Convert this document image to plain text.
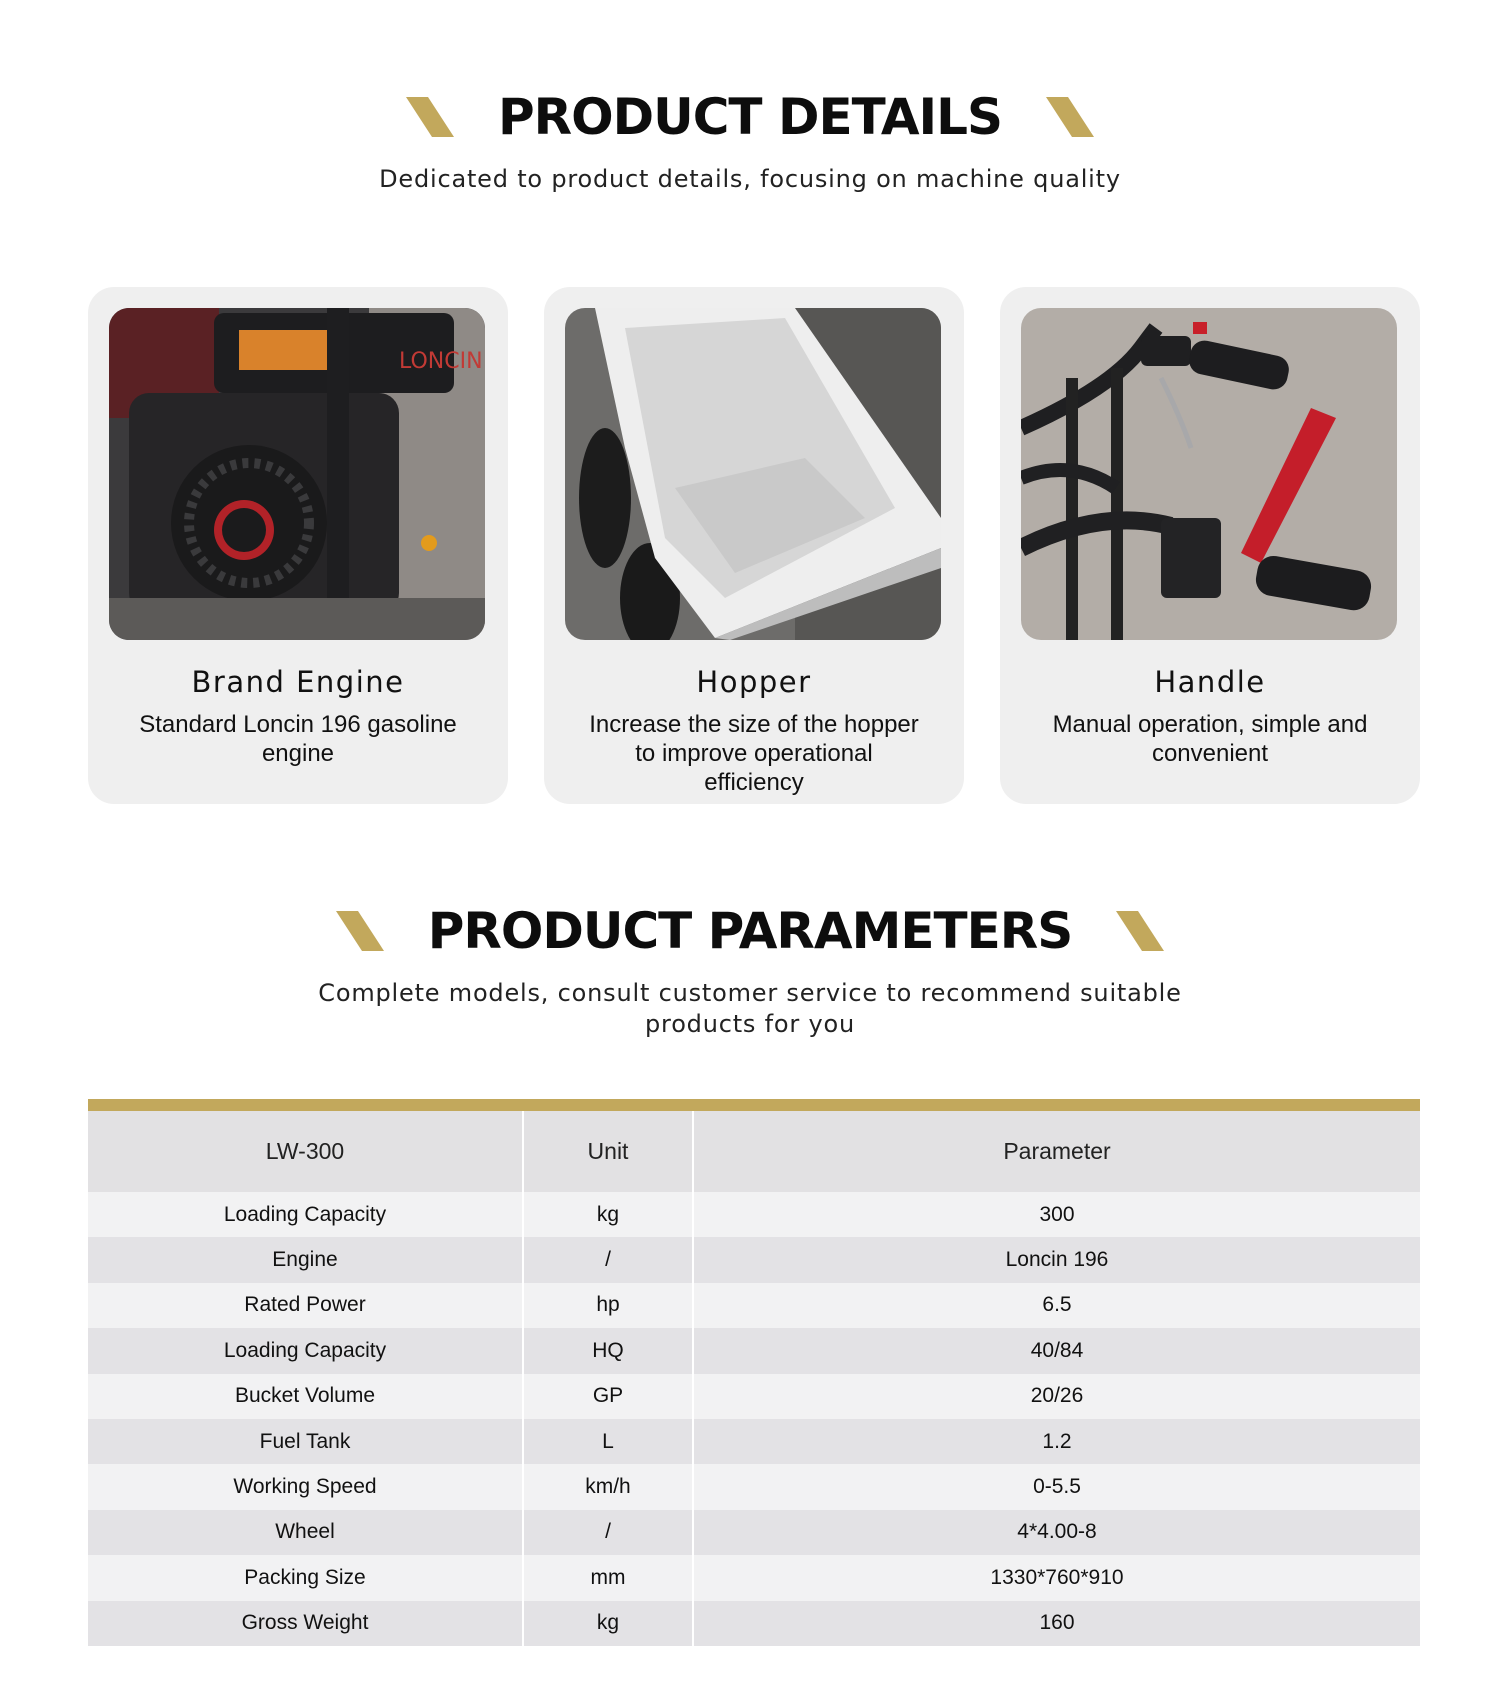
PRODUCT DETAILS

Dedicated to product details, focusing on machine quality

LONCIN
Brand Engine
Standard Loncin 196 gasoline engine
Hopper
Increase the size of the hopper to improve operational efficiency
Handle
Manual operation, simple and convenient
PRODUCT PARAMETERS

Complete models, consult customer service to recommend suitable products for you

LW-300	Unit	Parameter
Loading Capacity	kg	300
Engine	/	Loncin 196
Rated Power	hp	6.5
Loading Capacity	HQ	40/84
Bucket Volume	GP	20/26
Fuel Tank	L	1.2
Working Speed	km/h	0-5.5
Wheel	/	4*4.00-8
Packing Size	mm	1330*760*910
Gross Weight	kg	160
